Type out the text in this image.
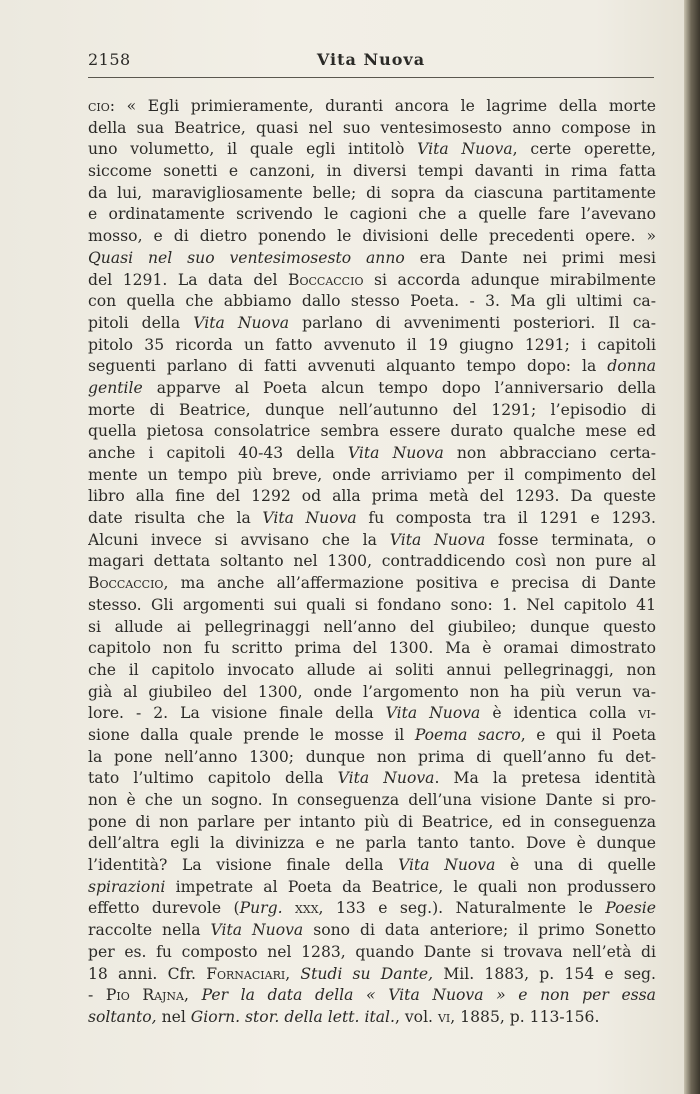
2158	Vita Nuova
cio: « Egli primieramente, duranti ancora le lagrime della morte
della sua Beatrice, quasi nel suo ventesimosesto anno compose in
uno volumetto, il quale egli intitolò Vita Nuova, certe operette,
siccome sonetti e canzoni, in diversi tempi davanti in rima fatta
da lui, maravigliosamente belle; di sopra da ciascuna partitamente
e ordinatamente scrivendo le cagioni che a quelle fare l’avevano
mosso, e di dietro ponendo le divisioni delle precedenti opere. »
Quasi nel suo ventesimosesto anno era Dante nei primi mesi
del 1291. La data del Boccaccio si accorda adunque mirabilmente
con quella che abbiamo dallo stesso Poeta. - 3. Ma gli ultimi ca-
pitoli della Vita Nuova parlano di avvenimenti posteriori. Il ca-
pitolo 35 ricorda un fatto avvenuto il 19 giugno 1291; i capitoli
seguenti parlano di fatti avvenuti alquanto tempo dopo: la donna
gentile apparve al Poeta alcun tempo dopo l’anniversario della
morte di Beatrice, dunque nell’autunno del 1291; l’episodio di
quella pietosa consolatrice sembra essere durato qualche mese ed
anche i capitoli 40-43 della Vita Nuova non abbracciano certa-
mente un tempo più breve, onde arriviamo per il compimento del
libro alla fine del 1292 od alla prima metà del 1293. Da queste
date risulta che la Vita Nuova fu composta tra il 1291 e 1293.
Alcuni invece si avvisano che la Vita Nuova fosse terminata, o
magari dettata soltanto nel 1300, contraddicendo così non pure al
Boccaccio, ma anche all’affermazione positiva e precisa di Dante
stesso. Gli argomenti sui quali si fondano sono: 1. Nel capitolo 41
si allude ai pellegrinaggi nell’anno del giubileo; dunque questo
capitolo non fu scritto prima del 1300. Ma è oramai dimostrato
che il capitolo invocato allude ai soliti annui pellegrinaggi, non
già al giubileo del 1300, onde l’argomento non ha più verun va-
lore. - 2. La visione finale della Vita Nuova è identica colla vi-
sione dalla quale prende le mosse il Poema sacro, e qui il Poeta
la pone nell’anno 1300; dunque non prima di quell’anno fu det-
tato l’ultimo capitolo della Vita Nuova. Ma la pretesa identità
non è che un sogno. In conseguenza dell’una visione Dante si pro-
pone di non parlare per intanto più di Beatrice, ed in conseguenza
dell’altra egli la divinizza e ne parla tanto tanto. Dove è dunque
l’identità? La visione finale della Vita Nuova è una di quelle
spirazioni impetrate al Poeta da Beatrice, le quali non produssero
effetto durevole (Purg. xxx, 133 e seg.). Naturalmente le Poesie
raccolte nella Vita Nuova sono di data anteriore; il primo Sonetto
per es. fu composto nel 1283, quando Dante si trovava nell’età di
18 anni. Cfr. Fornaciari, Studi su Dante, Mil. 1883, p. 154 e seg.
- Pio Rajna, Per la data della « Vita Nuova » e non per essa
soltanto, nel Giorn. stor. della lett. ital., vol. vi, 1885, p. 113-156.
